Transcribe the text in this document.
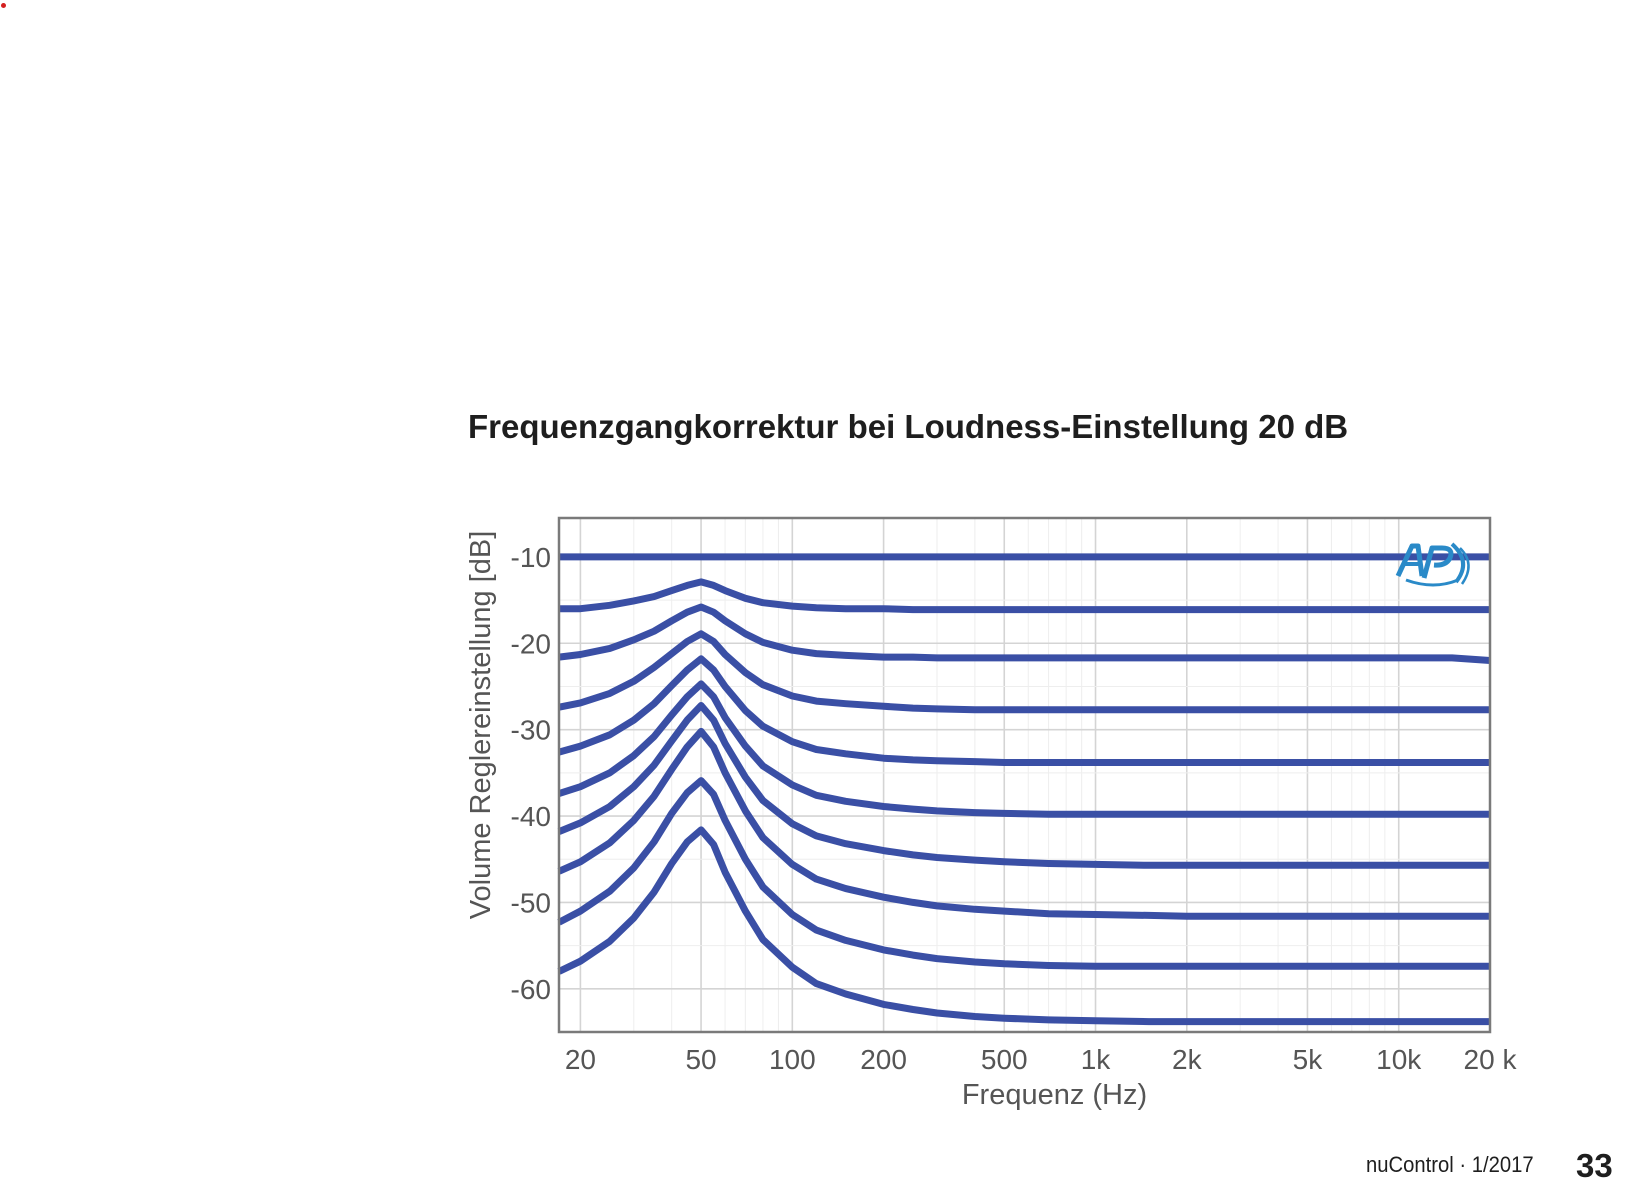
Frequenzgangkorrektur bei Loudness-Einstellung 20 dB
-10
-20
-30
-40
-50
-60
20	50 100 200	500 1k 2k	5k 10k 20 k
Frequenz (Hz)
Volume Reglereinstellung [dB]
nuControl · 1/2017	33
